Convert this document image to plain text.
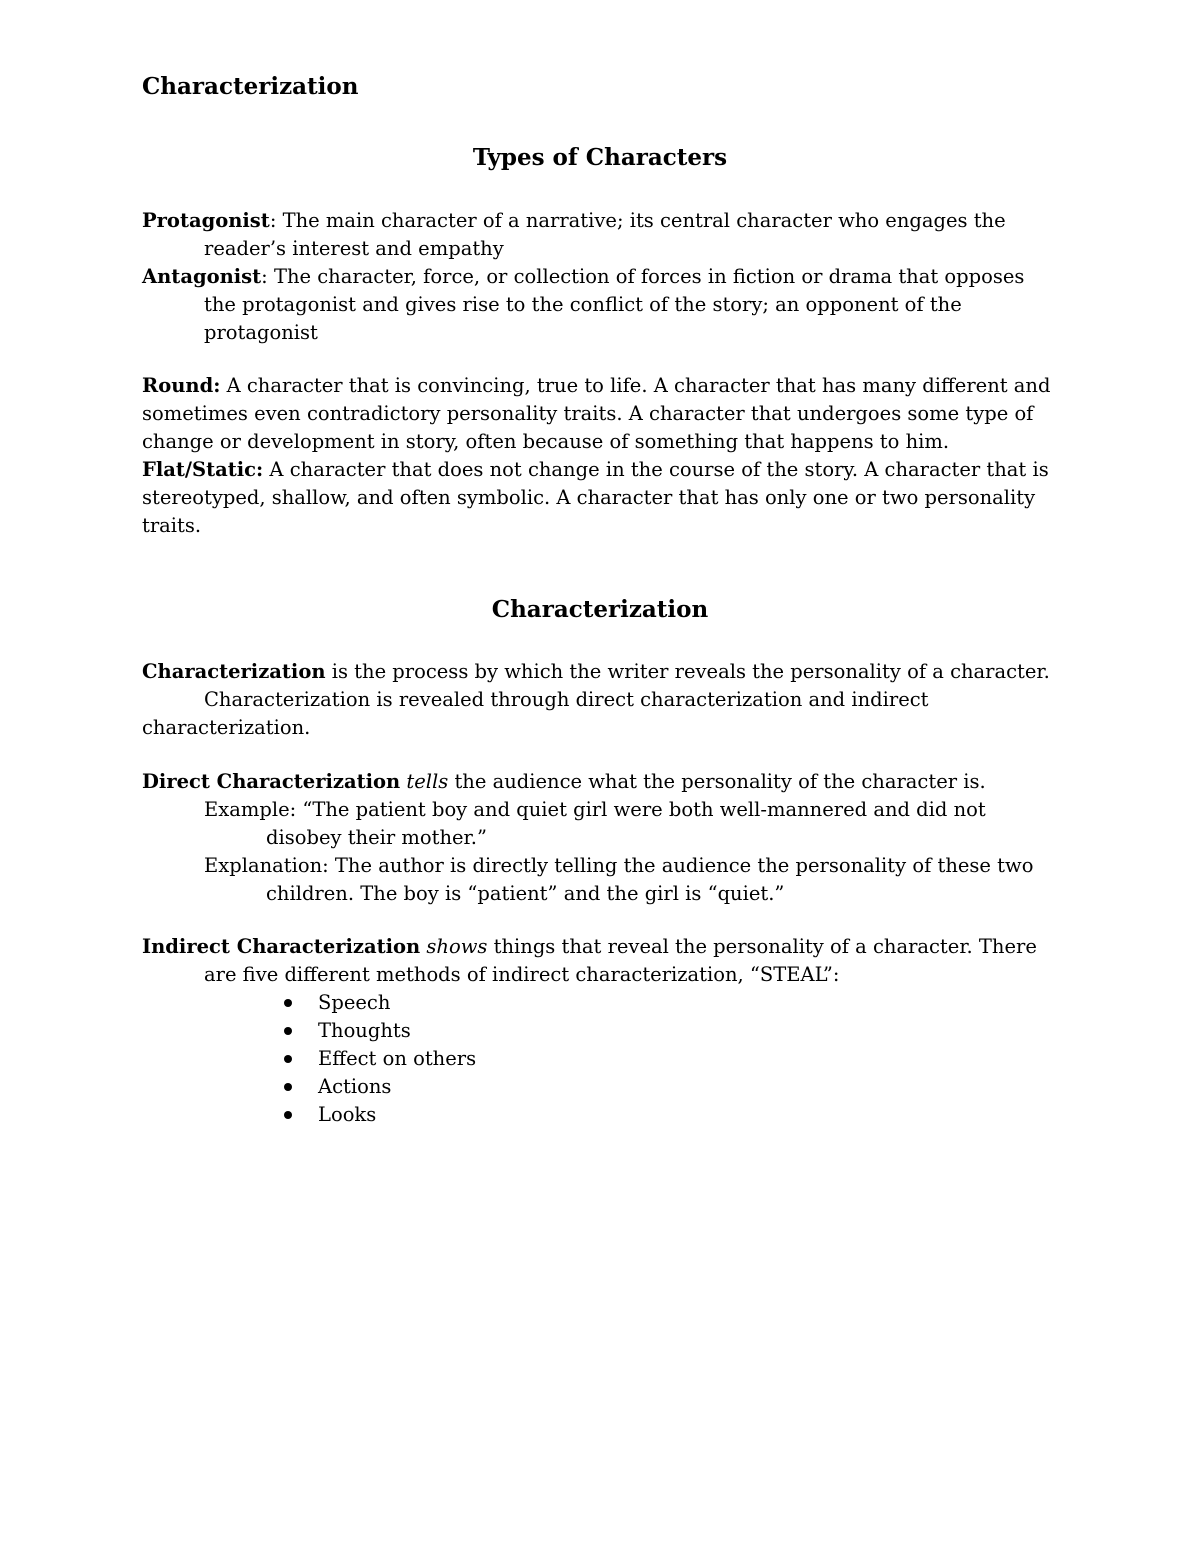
Characterization
Types of Characters
Protagonist: The main character of a narrative; its central character who engages the reader’s interest and empathy
Antagonist: The character, force, or collection of forces in fiction or drama that opposes the protagonist and gives rise to the conflict of the story; an opponent of the protagonist
Round: A character that is convincing, true to life. A character that has many different and sometimes even contradictory personality traits. A character that undergoes some type of change or development in story, often because of something that happens to him.
Flat/Static: A character that does not change in the course of the story. A character that is stereotyped, shallow, and often symbolic. A character that has only one or two personality traits.
Characterization
Characterization is the process by which the writer reveals the personality of a character.
Characterization is revealed through direct characterization and indirect characterization.
Direct Characterization tells the audience what the personality of the character is.
Example: “The patient boy and quiet girl were both well-mannered and did not disobey their mother.”
Explanation: The author is directly telling the audience the personality of these two children. The boy is “patient” and the girl is “quiet.”
Indirect Characterization shows things that reveal the personality of a character. There are five different methods of indirect characterization, “STEAL”:
Speech
Thoughts
Effect on others
Actions
Looks
